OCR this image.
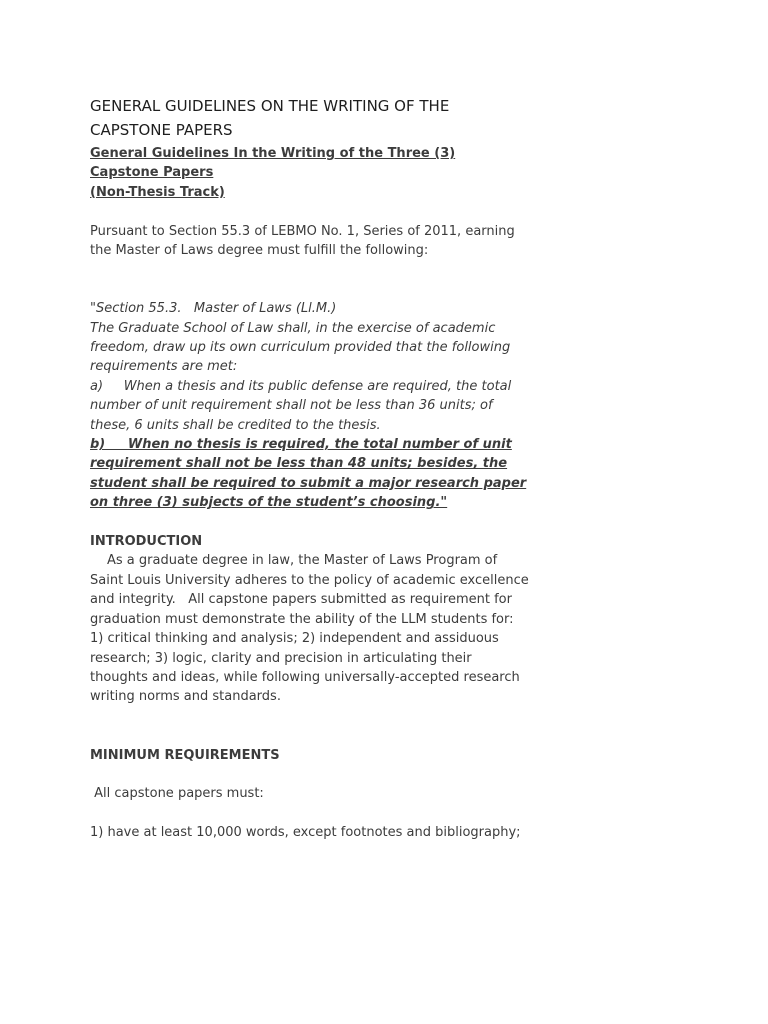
GENERAL GUIDELINES ON THE WRITING OF THE CAPSTONE PAPERS

General Guidelines In the Writing of the Three (3)
Capstone Papers
(Non-Thesis Track)

Pursuant to Section 55.3 of LEBMO No. 1, Series of 2011, earning the Master of Laws degree must fulfill the following:

"Section 55.3.   Master of Laws (Ll.M.)
The Graduate School of Law shall, in the exercise of academic freedom, draw up its own curriculum provided that the following requirements are met:
a)     When a thesis and its public defense are required, the total number of unit requirement shall not be less than 36 units; of these, 6 units shall be credited to the thesis.
b)     When no thesis is required, the total number of unit requirement shall not be less than 48 units; besides, the student shall be required to submit a major research paper on three (3) subjects of the student’s choosing."

INTRODUCTION

As a graduate degree in law, the Master of Laws Program of Saint Louis University adheres to the policy of academic excellence and integrity.   All capstone papers submitted as requirement for graduation must demonstrate the ability of the LLM students for: 1) critical thinking and analysis; 2) independent and assiduous research; 3) logic, clarity and precision in articulating their thoughts and ideas, while following universally-accepted research writing norms and standards.

MINIMUM REQUIREMENTS

All capstone papers must:

1) have at least 10,000 words, except footnotes and bibliography;
